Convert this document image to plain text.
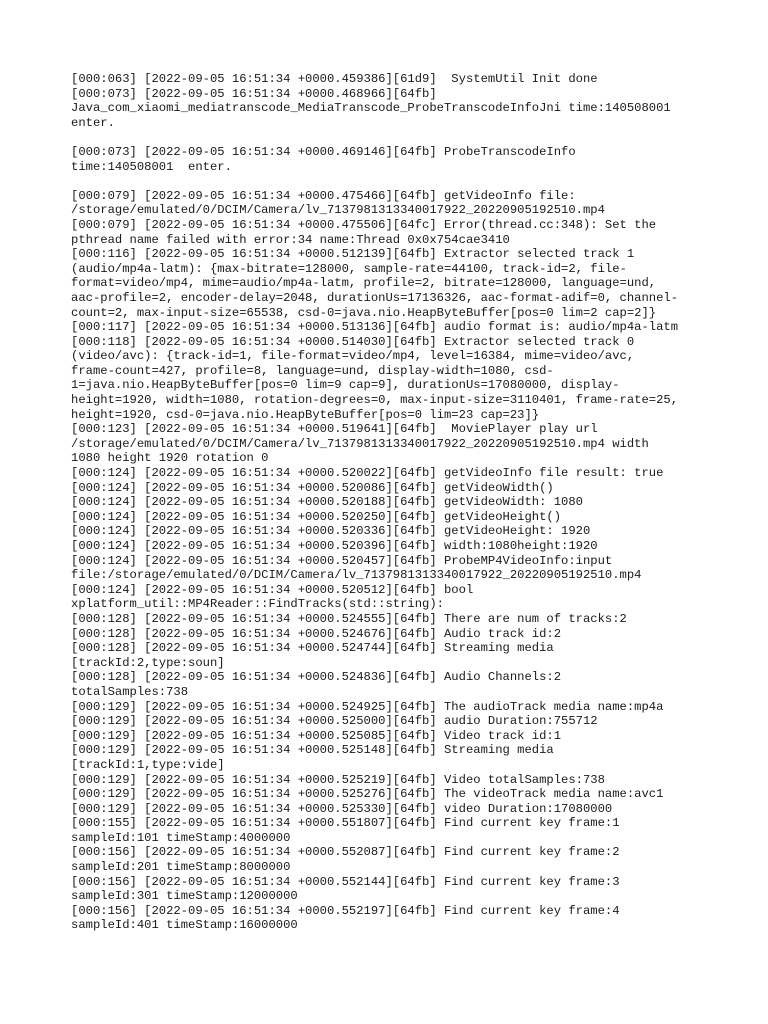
[000:063] [2022-09-05 16:51:34 +0000.459386][61d9]  SystemUtil Init done
[000:073] [2022-09-05 16:51:34 +0000.468966][64fb]
Java_com_xiaomi_mediatranscode_MediaTranscode_ProbeTranscodeInfoJni time:140508001
enter.
[000:073] [2022-09-05 16:51:34 +0000.469146][64fb] ProbeTranscodeInfo
time:140508001  enter.
[000:079] [2022-09-05 16:51:34 +0000.475466][64fb] getVideoInfo file:
/storage/emulated/0/DCIM/Camera/lv_7137981313340017922_20220905192510.mp4
[000:079] [2022-09-05 16:51:34 +0000.475506][64fc] Error(thread.cc:348): Set the
pthread name failed with error:34 name:Thread 0x0x754cae3410
[000:116] [2022-09-05 16:51:34 +0000.512139][64fb] Extractor selected track 1
(audio/mp4a-latm): {max-bitrate=128000, sample-rate=44100, track-id=2, file-
format=video/mp4, mime=audio/mp4a-latm, profile=2, bitrate=128000, language=und,
aac-profile=2, encoder-delay=2048, durationUs=17136326, aac-format-adif=0, channel-
count=2, max-input-size=65538, csd-0=java.nio.HeapByteBuffer[pos=0 lim=2 cap=2]}
[000:117] [2022-09-05 16:51:34 +0000.513136][64fb] audio format is: audio/mp4a-latm
[000:118] [2022-09-05 16:51:34 +0000.514030][64fb] Extractor selected track 0
(video/avc): {track-id=1, file-format=video/mp4, level=16384, mime=video/avc,
frame-count=427, profile=8, language=und, display-width=1080, csd-
1=java.nio.HeapByteBuffer[pos=0 lim=9 cap=9], durationUs=17080000, display-
height=1920, width=1080, rotation-degrees=0, max-input-size=3110401, frame-rate=25,
height=1920, csd-0=java.nio.HeapByteBuffer[pos=0 lim=23 cap=23]}
[000:123] [2022-09-05 16:51:34 +0000.519641][64fb]  MoviePlayer play url
/storage/emulated/0/DCIM/Camera/lv_7137981313340017922_20220905192510.mp4 width
1080 height 1920 rotation 0
[000:124] [2022-09-05 16:51:34 +0000.520022][64fb] getVideoInfo file result: true
[000:124] [2022-09-05 16:51:34 +0000.520086][64fb] getVideoWidth()
[000:124] [2022-09-05 16:51:34 +0000.520188][64fb] getVideoWidth: 1080
[000:124] [2022-09-05 16:51:34 +0000.520250][64fb] getVideoHeight()
[000:124] [2022-09-05 16:51:34 +0000.520336][64fb] getVideoHeight: 1920
[000:124] [2022-09-05 16:51:34 +0000.520396][64fb] width:1080height:1920
[000:124] [2022-09-05 16:51:34 +0000.520457][64fb] ProbeMP4VideoInfo:input
file:/storage/emulated/0/DCIM/Camera/lv_7137981313340017922_20220905192510.mp4
[000:124] [2022-09-05 16:51:34 +0000.520512][64fb] bool
xplatform_util::MP4Reader::FindTracks(std::string):
[000:128] [2022-09-05 16:51:34 +0000.524555][64fb] There are num of tracks:2
[000:128] [2022-09-05 16:51:34 +0000.524676][64fb] Audio track id:2
[000:128] [2022-09-05 16:51:34 +0000.524744][64fb] Streaming media
[trackId:2,type:soun]
[000:128] [2022-09-05 16:51:34 +0000.524836][64fb] Audio Channels:2
totalSamples:738
[000:129] [2022-09-05 16:51:34 +0000.524925][64fb] The audioTrack media name:mp4a
[000:129] [2022-09-05 16:51:34 +0000.525000][64fb] audio Duration:755712
[000:129] [2022-09-05 16:51:34 +0000.525085][64fb] Video track id:1
[000:129] [2022-09-05 16:51:34 +0000.525148][64fb] Streaming media
[trackId:1,type:vide]
[000:129] [2022-09-05 16:51:34 +0000.525219][64fb] Video totalSamples:738
[000:129] [2022-09-05 16:51:34 +0000.525276][64fb] The videoTrack media name:avc1
[000:129] [2022-09-05 16:51:34 +0000.525330][64fb] video Duration:17080000
[000:155] [2022-09-05 16:51:34 +0000.551807][64fb] Find current key frame:1
sampleId:101 timeStamp:4000000
[000:156] [2022-09-05 16:51:34 +0000.552087][64fb] Find current key frame:2
sampleId:201 timeStamp:8000000
[000:156] [2022-09-05 16:51:34 +0000.552144][64fb] Find current key frame:3
sampleId:301 timeStamp:12000000
[000:156] [2022-09-05 16:51:34 +0000.552197][64fb] Find current key frame:4
sampleId:401 timeStamp:16000000
